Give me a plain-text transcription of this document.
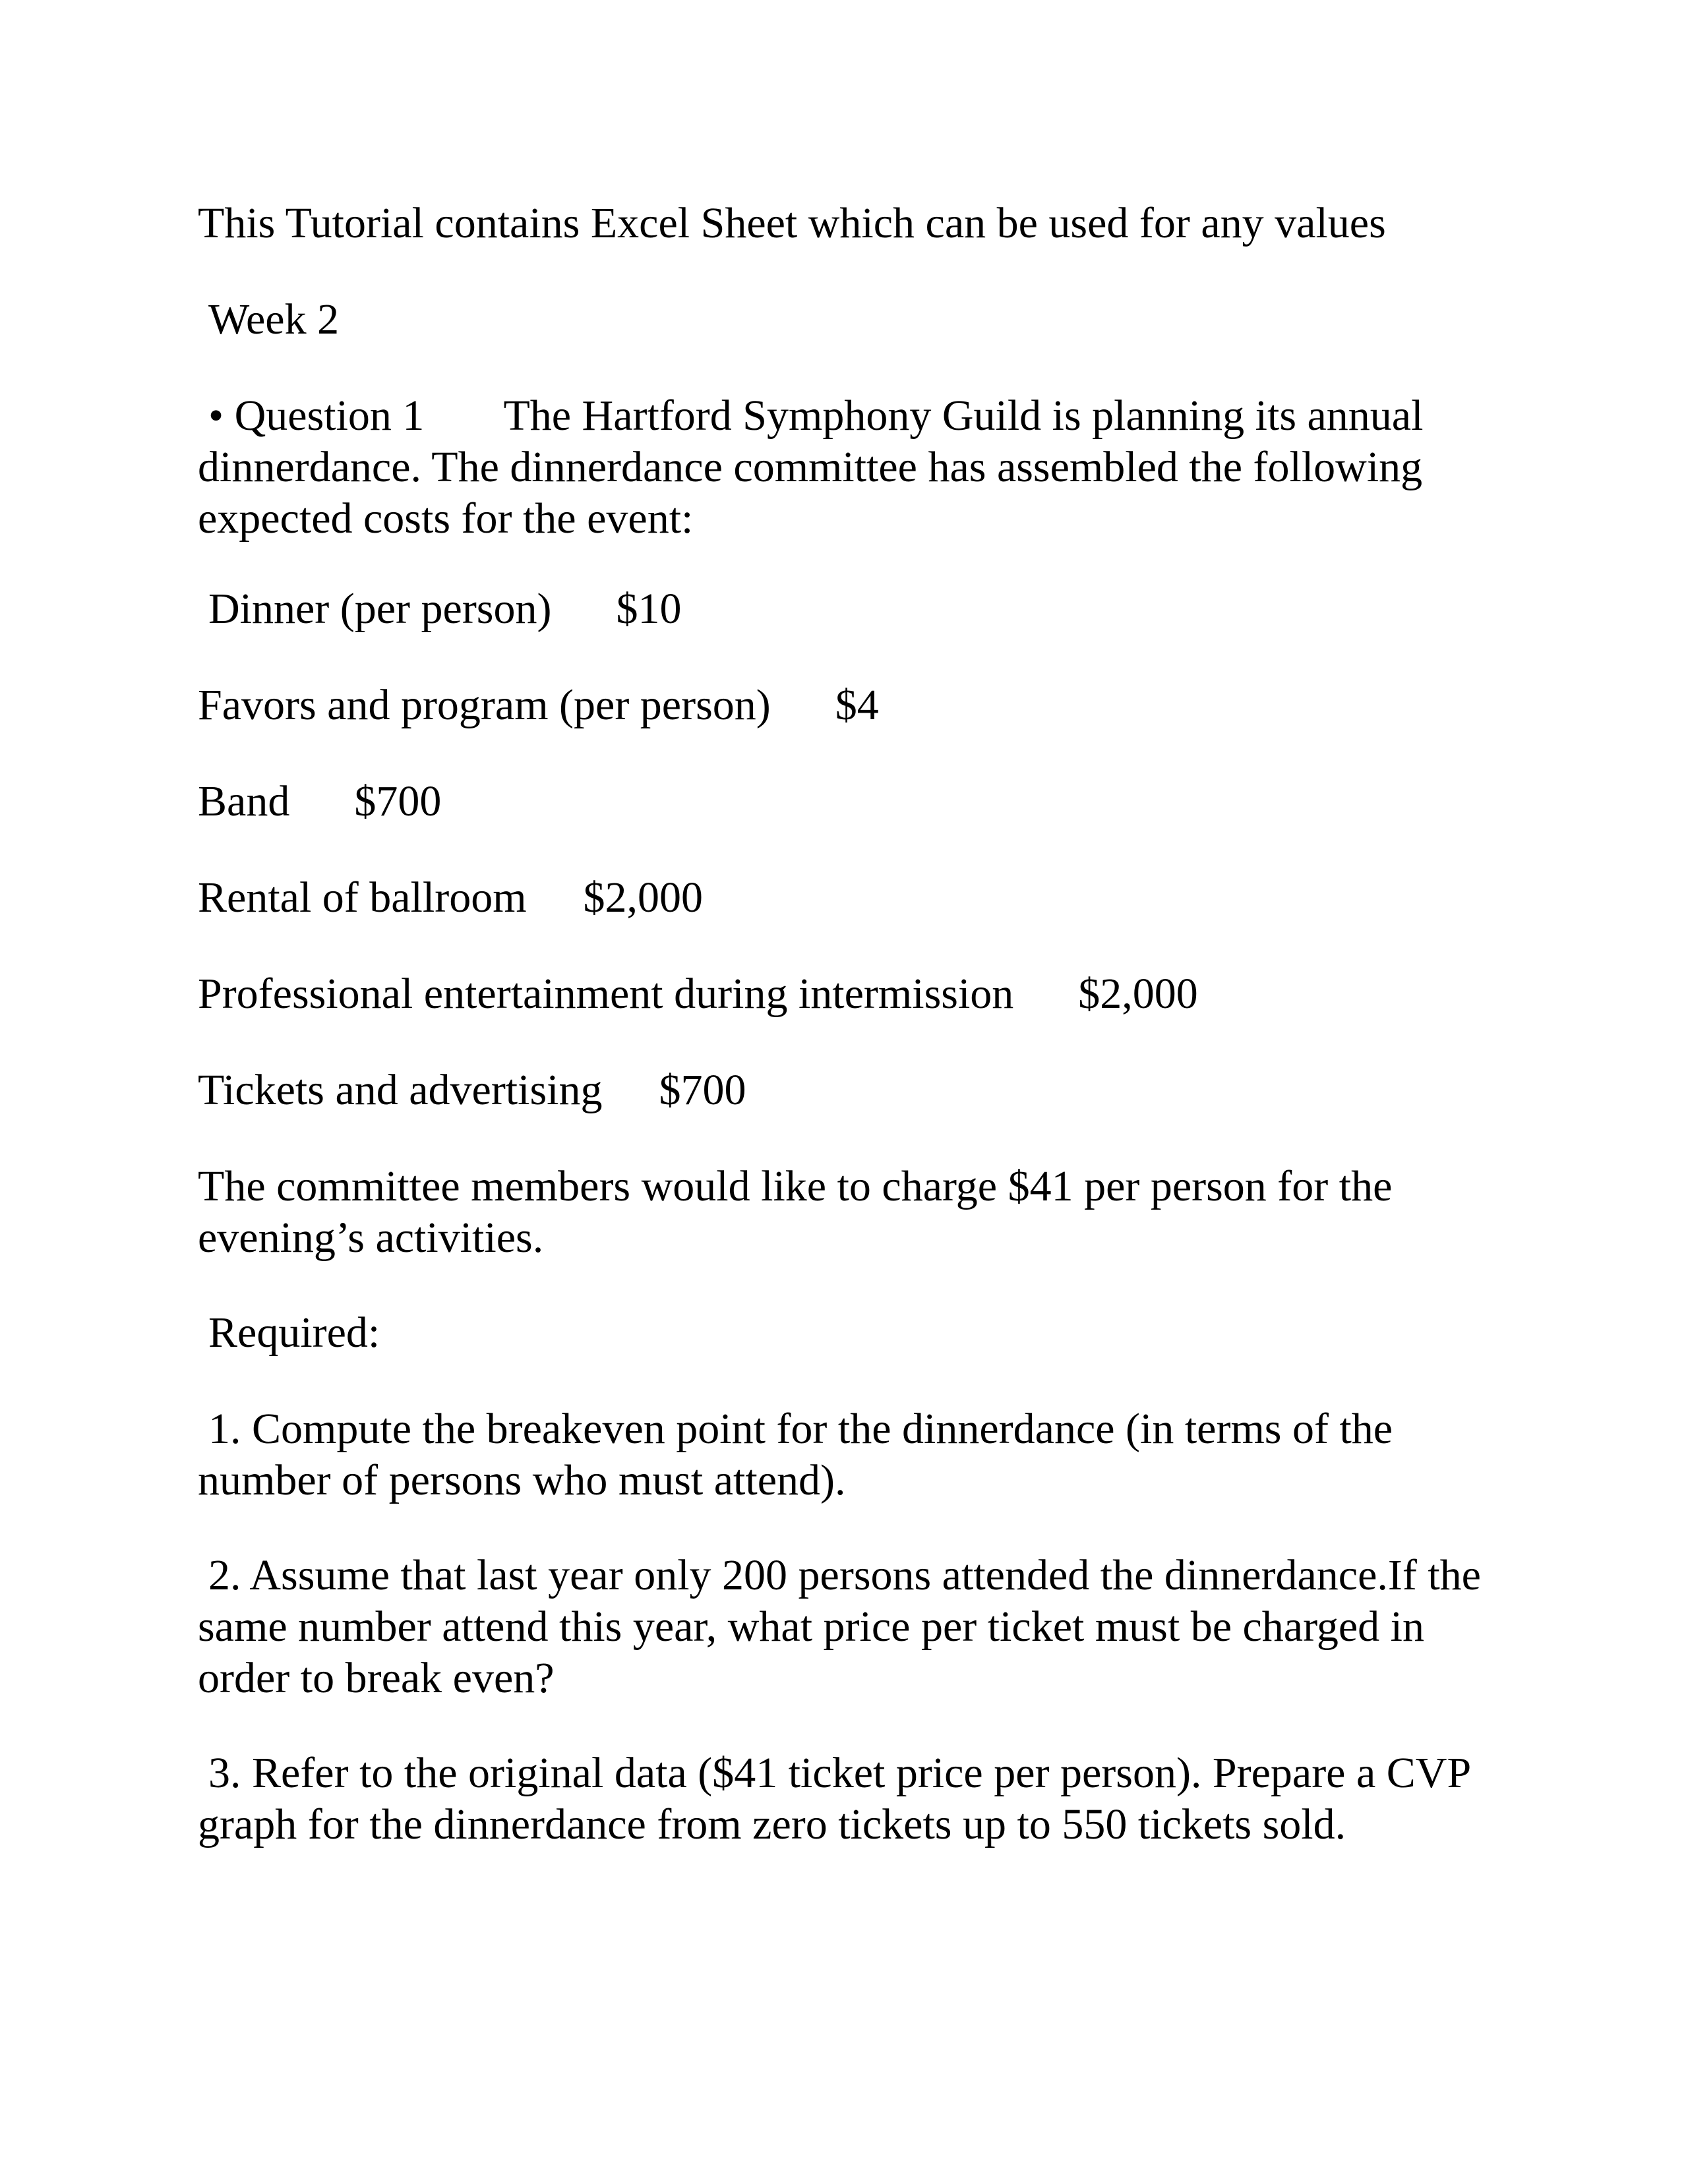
This Tutorial contains Excel Sheet which can be used for any values

Week 2

• Question 1 The Hartford Symphony Guild is planning its annual dinnerdance. The dinnerdance committee has assembled the following expected costs for the event:

Dinner (per person) $10

Favors and program (per person) $4

Band $700

Rental of ballroom $2,000

Professional entertainment during intermission $2,000

Tickets and advertising $700

The committee members would like to charge $41 per person for the evening’s activities.

Required:

1. Compute the breakeven point for the dinnerdance (in terms of the number of persons who must attend).

2. Assume that last year only 200 persons attended the dinnerdance.If the same number attend this year, what price per ticket must be charged in order to break even?

3. Refer to the original data ($41 ticket price per person). Prepare a CVP graph for the dinnerdance from zero tickets up to 550 tickets sold.
